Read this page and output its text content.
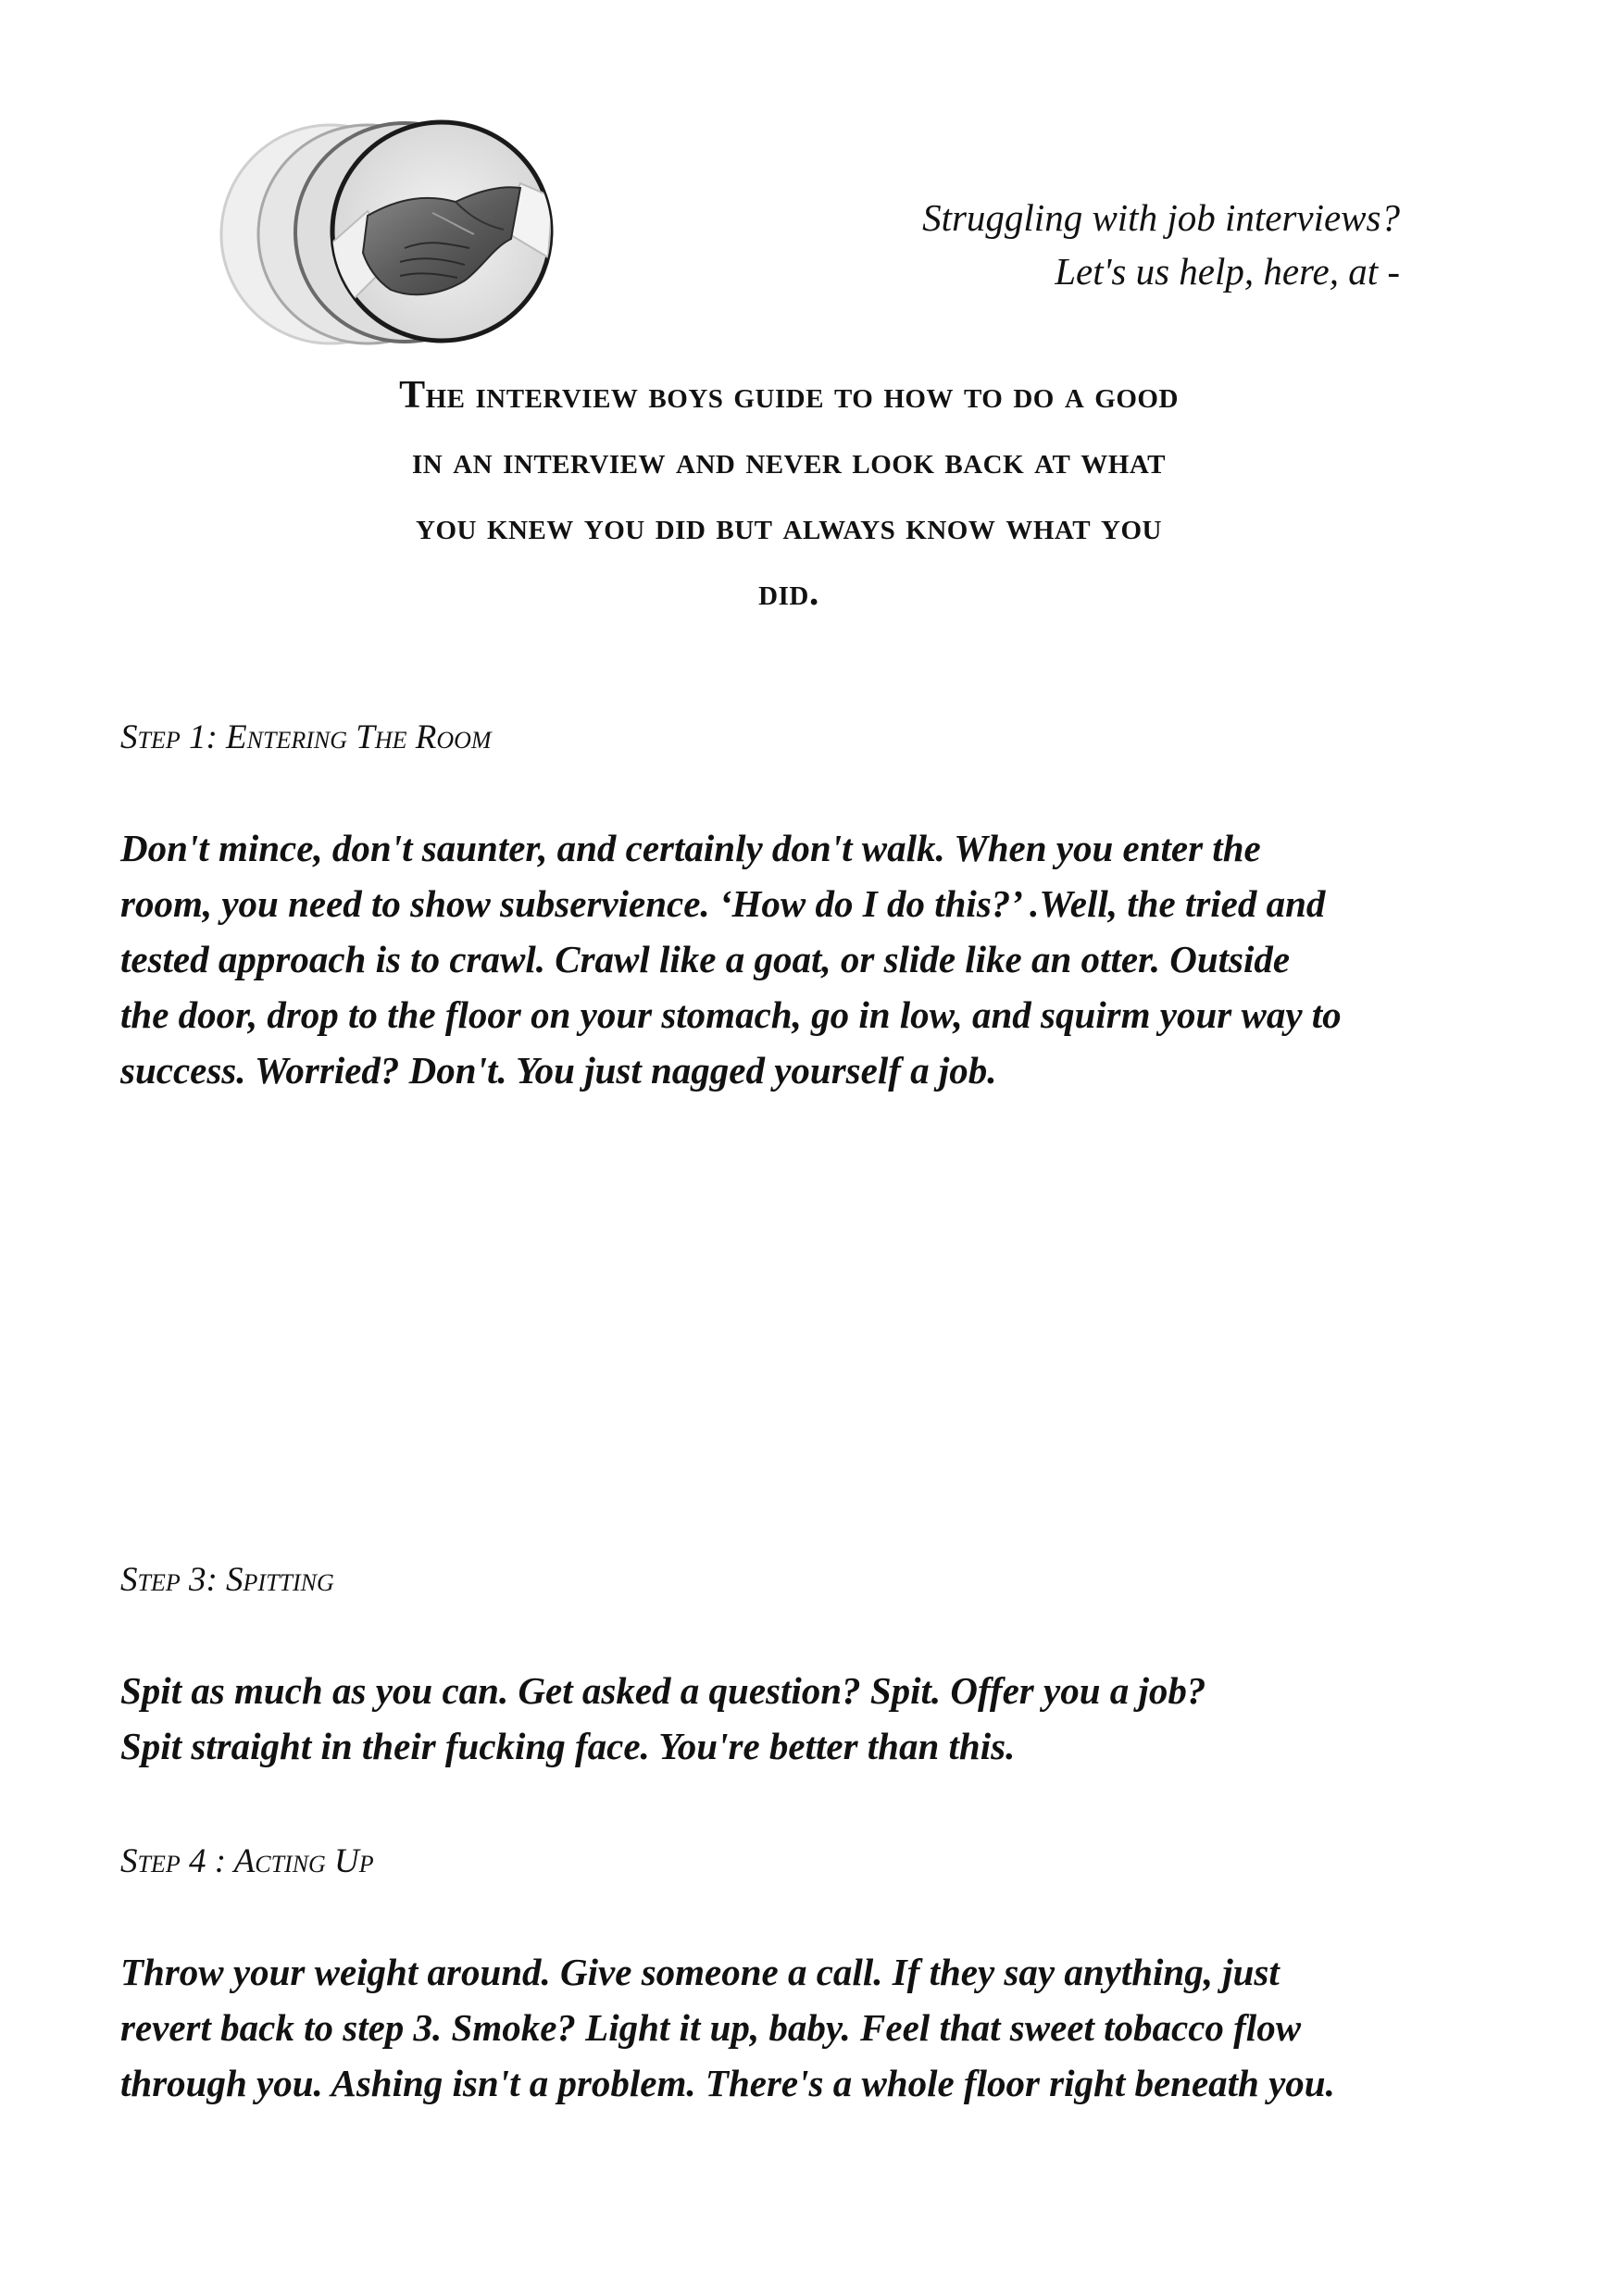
Struggling with job interviews?
Let's us help, here, at -
The interview boys guide to how to do a good
in an interview and never look back at what
you knew you did but always know what you
did.
Step 1: Entering The Room
Don't mince, don't saunter, and certainly don't walk. When you enter the
room, you need to show subservience. ‘How do I do this?’ .Well, the tried and
tested approach is to crawl. Crawl like a goat, or slide like an otter. Outside
the door, drop to the floor on your stomach, go in low, and squirm your way to
success. Worried? Don't. You just nagged yourself a job.
Step 3: Spitting
Spit as much as you can. Get asked a question? Spit. Offer you a job?
Spit straight in their fucking face. You're better than this.
Step 4 : Acting Up
Throw your weight around. Give someone a call. If they say anything, just
revert back to step 3. Smoke? Light it up, baby. Feel that sweet tobacco flow
through you. Ashing isn't a problem. There's a whole floor right beneath you.
